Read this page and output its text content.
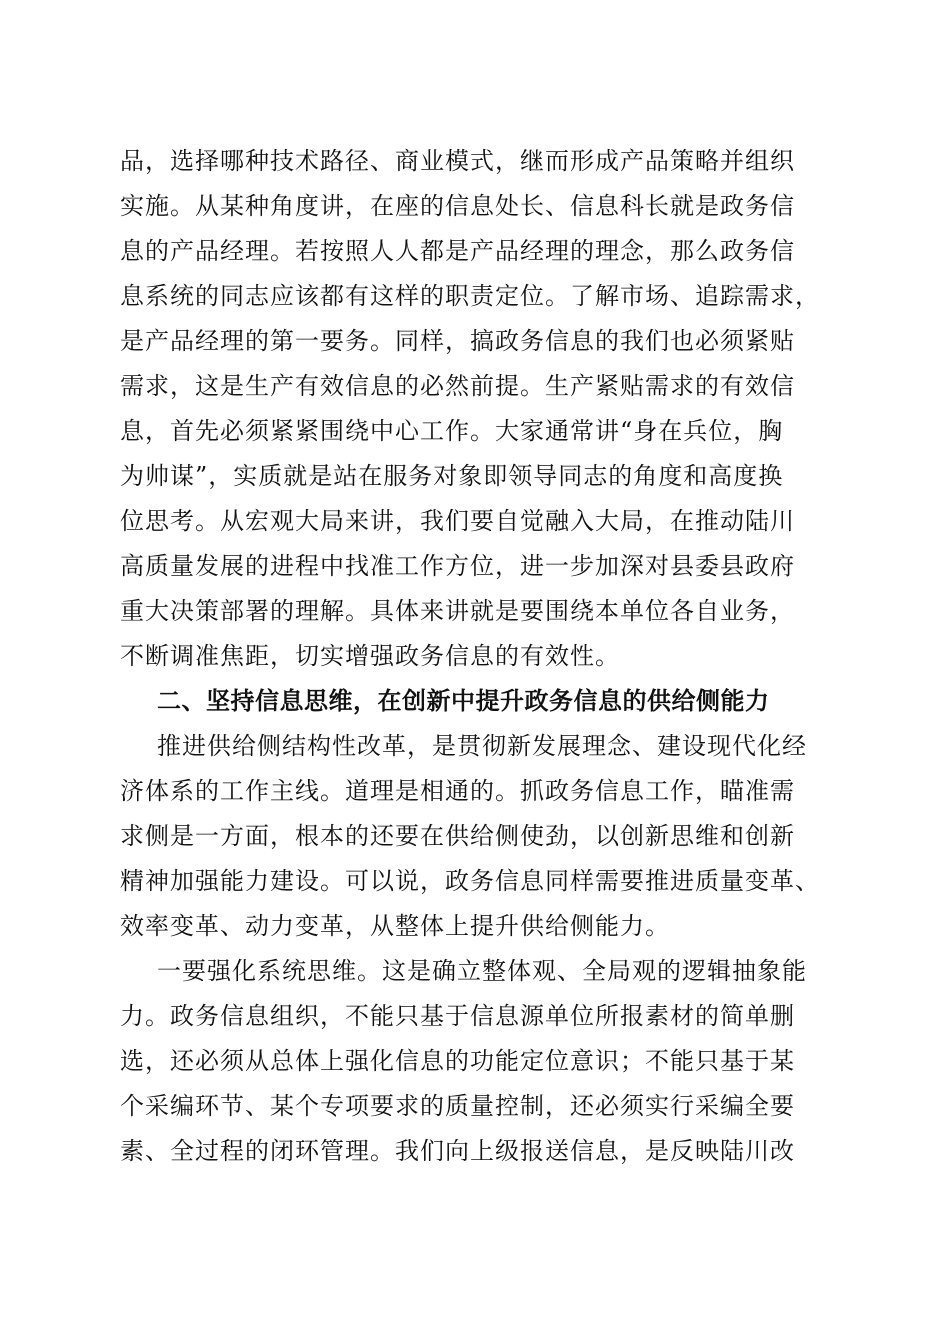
品，选择哪种技术路径、商业模式，继而形成产品策略并组织
实施。从某种角度讲，在座的信息处长、信息科长就是政务信
息的产品经理。若按照人人都是产品经理的理念，那么政务信
息系统的同志应该都有这样的职责定位。了解市场、追踪需求，
是产品经理的第一要务。同样，搞政务信息的我们也必须紧贴
需求，这是生产有效信息的必然前提。生产紧贴需求的有效信
息，首先必须紧紧围绕中心工作。大家通常讲“身在兵位，胸
为帅谋”，实质就是站在服务对象即领导同志的角度和高度换
位思考。从宏观大局来讲，我们要自觉融入大局，在推动陆川
高质量发展的进程中找准工作方位，进一步加深对县委县政府
重大决策部署的理解。具体来讲就是要围绕本单位各自业务，
不断调准焦距，切实增强政务信息的有效性。
二、坚持信息思维，在创新中提升政务信息的供给侧能力
推进供给侧结构性改革，是贯彻新发展理念、建设现代化经
济体系的工作主线。道理是相通的。抓政务信息工作，瞄准需
求侧是一方面，根本的还要在供给侧使劲，以创新思维和创新
精神加强能力建设。可以说，政务信息同样需要推进质量变革、
效率变革、动力变革，从整体上提升供给侧能力。
一要强化系统思维。这是确立整体观、全局观的逻辑抽象能
力。政务信息组织，不能只基于信息源单位所报素材的简单删
选，还必须从总体上强化信息的功能定位意识；不能只基于某
个采编环节、某个专项要求的质量控制，还必须实行采编全要
素、全过程的闭环管理。我们向上级报送信息，是反映陆川改
